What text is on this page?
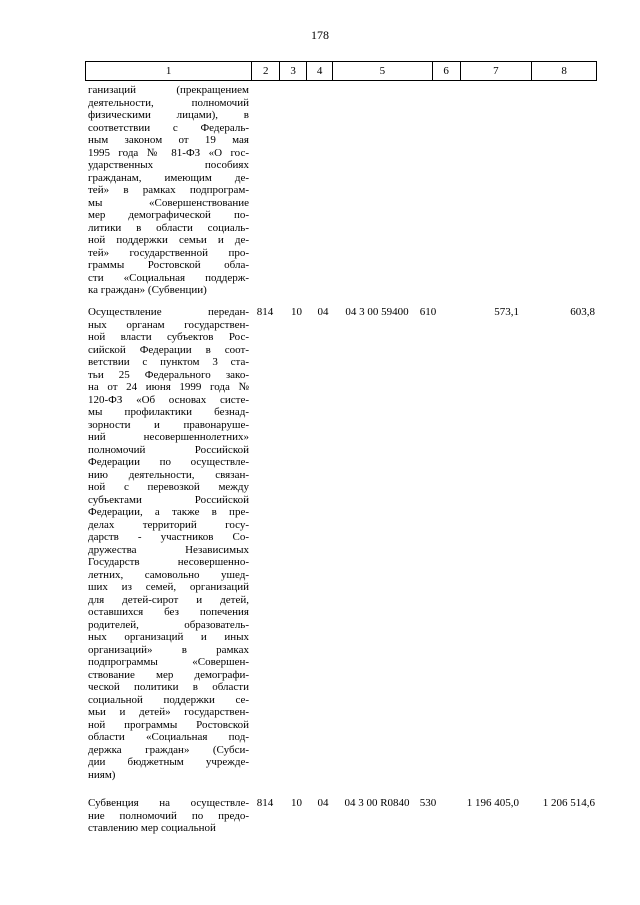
178
1	2	3	4	5	6	7	8
ганизаций (прекращением
деятельности, полномочий
физическими лицами), в
соответствии с Федераль-
ным законом от 19 мая
1995 года № 81-ФЗ «О гос-
ударственных пособиях
гражданам, имеющим де-
тей» в рамках подпрограм-
мы «Совершенствование
мер демографической по-
литики в области социаль-
ной поддержки семьи и де-
тей» государственной про-
граммы Ростовской обла-
сти «Социальная поддерж-
ка граждан» (Субвенции)
Осуществление передан-
ных органам государствен-
ной власти субъектов Рос-
сийской Федерации в соот-
ветствии с пунктом 3 ста-
тьи 25 Федерального зако-
на от 24 июня 1999 года №
120-ФЗ «Об основах систе-
мы профилактики безнад-
зорности и правонаруше-
ний несовершеннолетних»
полномочий Российской
Федерации по осуществле-
нию деятельности, связан-
ной с перевозкой между
субъектами Российской
Федерации, а также в пре-
делах территорий госу-
дарств - участников Со-
дружества Независимых
Государств несовершенно-
летних, самовольно ушед-
ших из семей, организаций
для детей-сирот и детей,
оставшихся без попечения
родителей, образователь-
ных организаций и иных
организаций» в рамках
подпрограммы «Совершен-
ствование мер демографи-
ческой политики в области
социальной поддержки се-
мьи и детей» государствен-
ной программы Ростовской
области «Социальная под-
держка граждан» (Субси-
дии бюджетным учрежде-
ниям)
814	10	04	04 3 00 59400	610	573,1	603,8
Субвенция на осуществле-
ние полномочий по предо-
ставлению мер социальной
814	10	04	04 3 00 R0840 530	1 196 405,0	1 206 514,6
